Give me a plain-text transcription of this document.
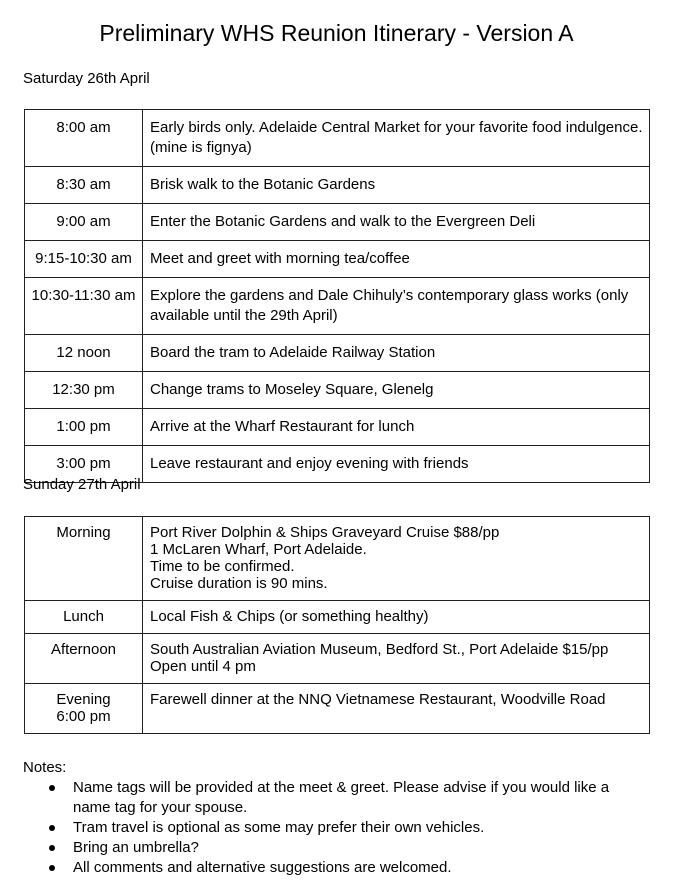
Preliminary WHS Reunion Itinerary - Version A
Saturday 26th April
8:00 am	Early birds only. Adelaide Central Market for your favorite food indulgence. (mine is fignya)
8:30 am	Brisk walk to the Botanic Gardens
9:00 am	Enter the Botanic Gardens and walk to the Evergreen Deli
9:15-10:30 am	Meet and greet with morning tea/coffee
10:30-11:30 am	Explore the gardens and Dale Chihuly’s contemporary glass works (only available until the 29th April)
12 noon	Board the tram to Adelaide Railway Station
12:30 pm	Change trams to Moseley Square, Glenelg
1:00 pm	Arrive at the Wharf Restaurant for lunch
3:00 pm	Leave restaurant and enjoy evening with friends
Sunday 27th April
Morning	Port River Dolphin & Ships Graveyard Cruise $88/pp
1 McLaren Wharf, Port Adelaide.
Time to be confirmed.
Cruise duration is 90 mins.

Lunch	Local Fish & Chips (or something healthy)

Afternoon	South Australian Aviation Museum, Bedford St., Port Adelaide $15/pp
Open until 4 pm

Evening
6:00 pm	Farewell dinner at the NNQ Vietnamese Restaurant, Woodville Road
Notes:
Name tags will be provided at the meet & greet. Please advise if you would like a name tag for your spouse.
Tram travel is optional as some may prefer their own vehicles.
Bring an umbrella?
All comments and alternative suggestions are welcomed.
